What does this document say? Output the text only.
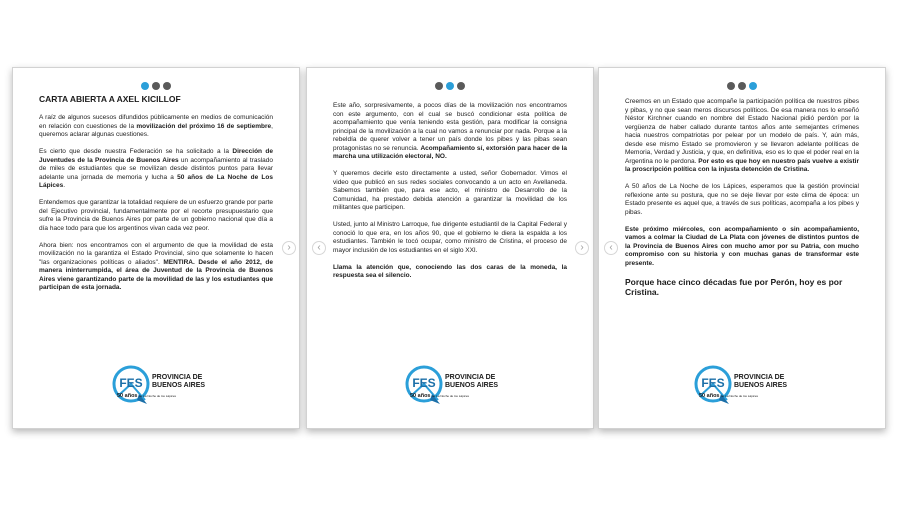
CARTA ABIERTA A AXEL KICILLOF

A raíz de algunos sucesos difundidos públicamente en medios de comunicación en relación con cuestiones de la movilización del próximo 16 de septiembre, queremos aclarar algunas cuestiones.

Es cierto que desde nuestra Federación se ha solicitado a la Dirección de Juventudes de la Provincia de Buenos Aires un acompañamiento al traslado de miles de estudiantes que se movilizan desde distintos puntos para llevar adelante una jornada de memoria y lucha a 50 años de La Noche de Los Lápices.

Entendemos que garantizar la totalidad requiere de un esfuerzo grande por parte del Ejecutivo provincial, fundamentalmente por el recorte presupuestario que sufre la Provincia de Buenos Aires por parte de un gobierno nacional que día a día hace todo para que los argentinos vivan cada vez peor.

Ahora bien: nos encontramos con el argumento de que la movilidad de esta movilización no la garantiza el Estado Provincial, sino que solamente lo hacen "las organizaciones políticas o aliados". MENTIRA. Desde el año 2012, de manera ininterrumpida, el área de Juventud de la Provincia de Buenos Aires viene garantizando parte de la movilidad de las y los estudiantes que participan de esta jornada.

FES PROVINCIA DE
BUENOS AIRES
50 años de La Noche de los Lápices

Este año, sorpresivamente, a pocos días de la movilización nos encontramos con este argumento, con el cual se buscó condicionar esta política de acompañamiento que venía teniendo esta gestión, para modificar la consigna principal de la movilización a la cual no vamos a renunciar por nada. Porque a la rebeldía de querer volver a tener un país donde los pibes y las pibas sean protagonistas no se renuncia. Acompañamiento sí, extorsión para hacer de la marcha una utilización electoral, NO.

Y queremos decirle esto directamente a usted, señor Gobernador. Vimos el video que publicó en sus redes sociales convocando a un acto en Avellaneda. Sabemos también que, para ese acto, el ministro de Desarrollo de la Comunidad, ha prestado debida atención a garantizar la movilidad de los militantes que participen.

Usted, junto al Ministro Larroque, fue dirigente estudiantil de la Capital Federal y conoció lo que era, en los años 90, que el gobierno le diera la espalda a los estudiantes. También le tocó ocupar, como ministro de Cristina, el proceso de mayor inclusión de los estudiantes en el siglo XXI.

Llama la atención que, conociendo las dos caras de la moneda, la respuesta sea el silencio.

FES PROVINCIA DE
BUENOS AIRES
50 años de La Noche de los Lápices

Creemos en un Estado que acompañe la participación política de nuestros pibes y pibas, y no que sean meros discursos políticos. De esa manera nos lo enseñó Néstor Kirchner cuando en nombre del Estado Nacional pidió perdón por la vergüenza de haber callado durante tantos años ante semejantes crímenes hacia nuestros compatriotas por pelear por un modelo de país. Y, aún más, desde ese mismo Estado se promovieron y se llevaron adelante políticas de Memoria, Verdad y Justicia, y que, en definitiva, eso es lo que el poder real en la Argentina no le perdona. Por esto es que hoy en nuestro país vuelve a existir la proscripción política con la injusta detención de Cristina.

A 50 años de La Noche de los Lápices, esperamos que la gestión provincial reflexione ante su postura, que no se deje llevar por este clima de época: un Estado presente es aquel que, a través de sus políticas, acompaña a los pibes y pibas.

Este próximo miércoles, con acompañamiento o sin acompañamiento, vamos a colmar la Ciudad de La Plata con jóvenes de distintos puntos de la Provincia de Buenos Aires con mucho amor por su Patria, con mucho compromiso con su historia y con muchas ganas de transformar este presente.

Porque hace cinco décadas fue por Perón, hoy es por Cristina.
FES PROVINCIA DE
BUENOS AIRES
50 años de La Noche de los Lápices
›	‹	›	‹
